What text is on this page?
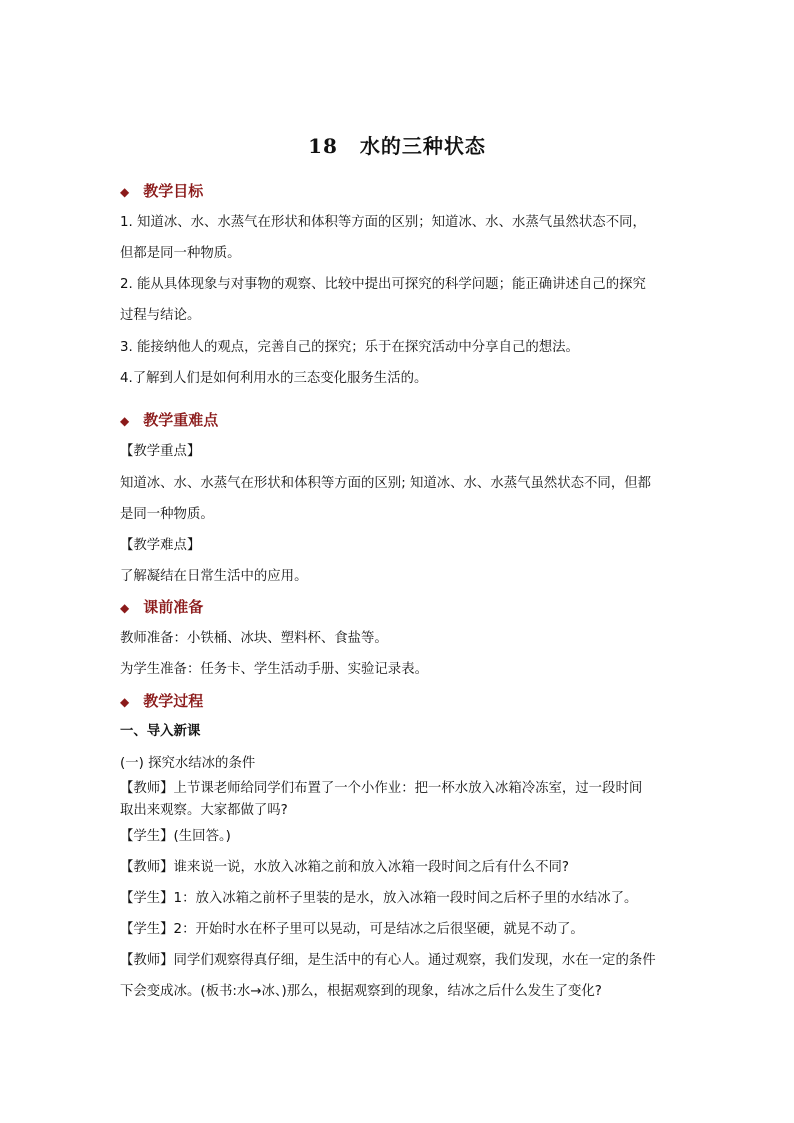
18 水的三种状态
◆ 教学目标
1. 知道冰、水、水蒸气在形状和体积等方面的区别；知道冰、水、水蒸气虽然状态不同，
但都是同一种物质。
2. 能从具体现象与对事物的观察、比较中提出可探究的科学问题；能正确讲述自己的探究
过程与结论。
3. 能接纳他人的观点，完善自己的探究；乐于在探究活动中分享自己的想法。
4.了解到人们是如何利用水的三态变化服务生活的。
◆ 教学重难点
【教学重点】
知道冰、水、水蒸气在形状和体积等方面的区别; 知道冰、水、水蒸气虽然状态不同，但都
是同一种物质。
【教学难点】
了解凝结在日常生活中的应用。
◆ 课前准备
教师准备：小铁桶、冰块、塑料杯、食盐等。
为学生准备：任务卡、学生活动手册、实验记录表。
◆ 教学过程
一、导入新课
(一) 探究水结冰的条件
【教师】上节课老师给同学们布置了一个小作业：把一杯水放入冰箱冷冻室，过一段时间
取出来观察。大家都做了吗?
【学生】(生回答。)
【教师】谁来说一说，水放入冰箱之前和放入冰箱一段时间之后有什么不同?
【学生】1：放入冰箱之前杯子里装的是水，放入冰箱一段时间之后杯子里的水结冰了。
【学生】2：开始时水在杯子里可以晃动，可是结冰之后很坚硬，就晃不动了。
【教师】同学们观察得真仔细，是生活中的有心人。通过观察，我们发现，水在一定的条件
下会变成冰。(板书:水→冰、)那么，根据观察到的现象，结冰之后什么发生了变化?
